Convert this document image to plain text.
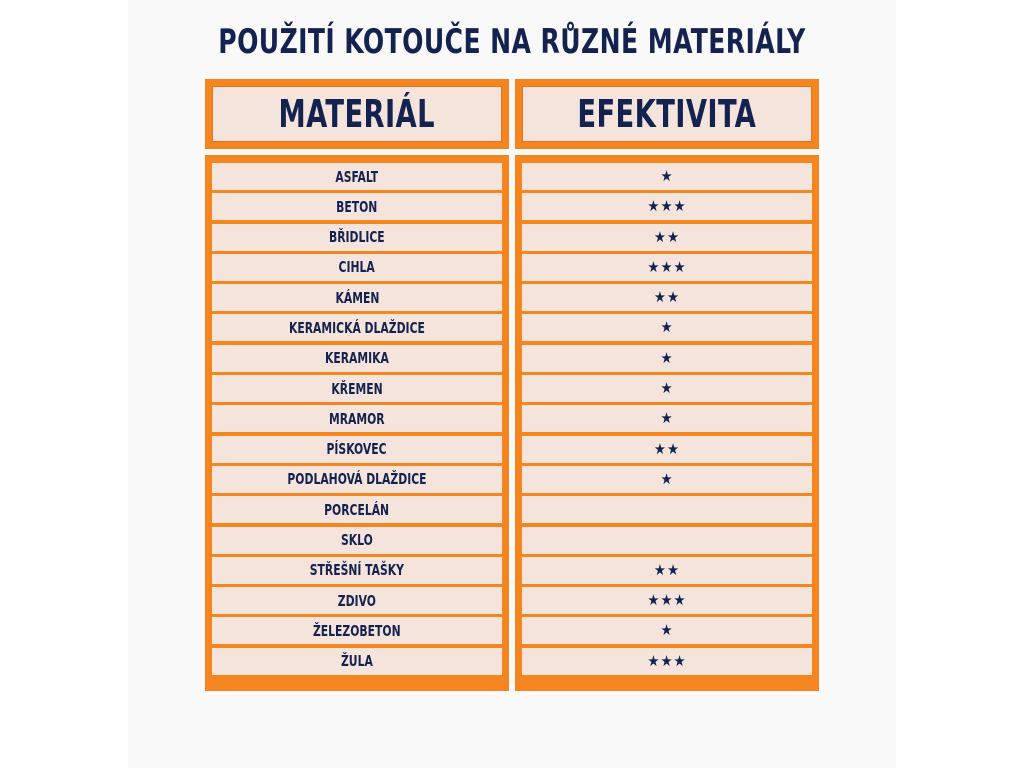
POUŽITÍ KOTOUČE NA RŮZNÉ MATERIÁLY
MATERIÁL	EFEKTIVITA
ASFALT
BETON
BŘIDLICE
CIHLA
KÁMEN
KERAMICKÁ DLAŽDICE
KERAMIKA
KŘEMEN
MRAMOR
PÍSKOVEC
PODLAHOVÁ DLAŽDICE
PORCELÁN
SKLO
STŘEŠNÍ TAŠKY
ZDIVO
ŽELEZOBETON
ŽULA
★
★★★
★★
★★★
★★
★
★
★
★
★★
★
★★
★★★
★
★★★
